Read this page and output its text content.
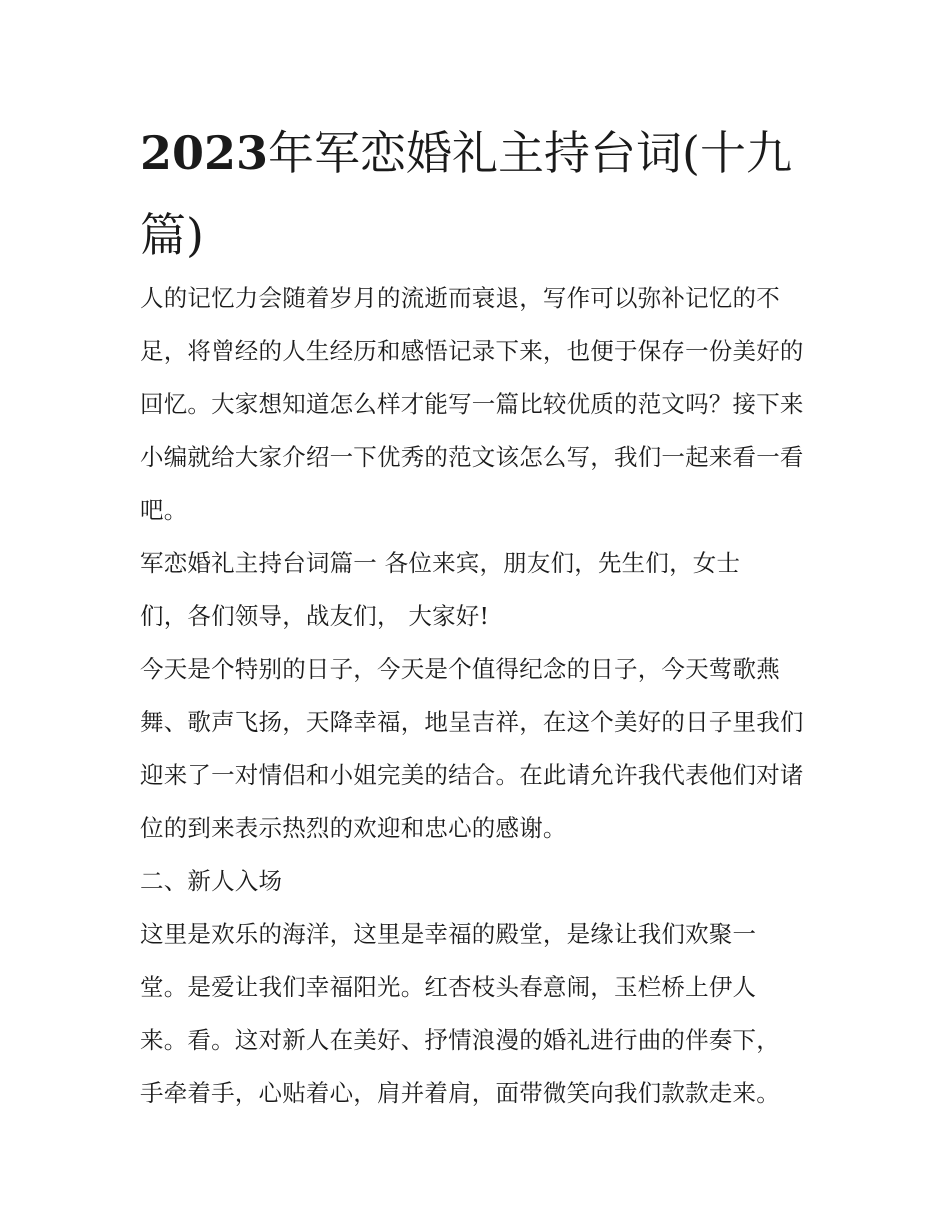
2023年军恋婚礼主持台词(十九篇)

人的记忆力会随着岁月的流逝而衰退，写作可以弥补记忆的不足，将曾经的人生经历和感悟记录下来，也便于保存一份美好的回忆。大家想知道怎么样才能写一篇比较优质的范文吗？接下来小编就给大家介绍一下优秀的范文该怎么写，我们一起来看一看吧。

军恋婚礼主持台词篇一 各位来宾，朋友们，先生们，女士

们，各们领导，战友们， 大家好!

今天是个特别的日子，今天是个值得纪念的日子，今天莺歌燕舞、歌声飞扬，天降幸福，地呈吉祥，在这个美好的日子里我们迎来了一对情侣和小姐完美的结合。在此请允许我代表他们对诸位的到来表示热烈的欢迎和忠心的感谢。

二、新人入场

这里是欢乐的海洋，这里是幸福的殿堂，是缘让我们欢聚一

堂。是爱让我们幸福阳光。红杏枝头春意闹，玉栏桥上伊人

来。看。这对新人在美好、抒情浪漫的婚礼进行曲的伴奏下，

手牵着手，心贴着心，肩并着肩，面带微笑向我们款款走来。
